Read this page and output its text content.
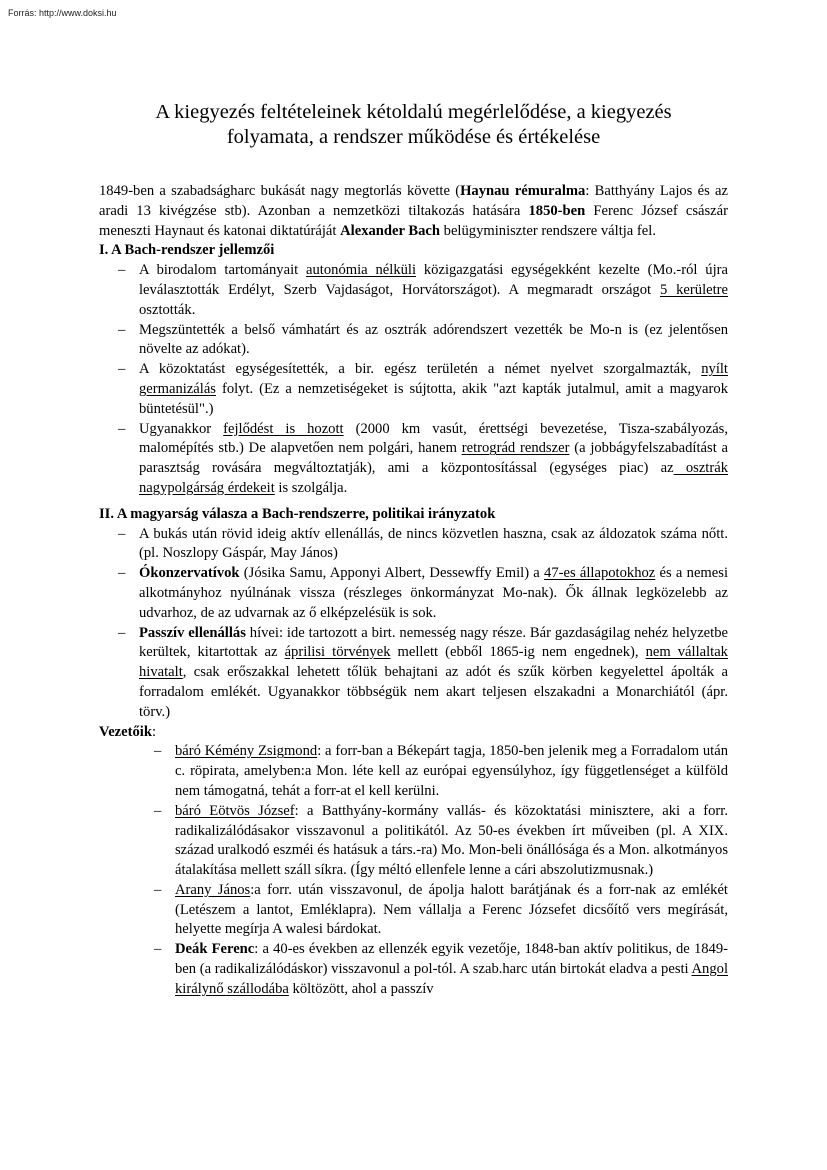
Forrás: http://www.doksi.hu
A kiegyezés feltételeinek kétoldalú megérlelődése, a kiegyezés
folyamata, a rendszer működése és értékelése

1849-ben a szabadságharc bukását nagy megtorlás követte (Haynau rémuralma: Batthyány Lajos és az aradi 13 kivégzése stb). Azonban a nemzetközi tiltakozás hatására 1850-ben Ferenc József császár meneszti Haynaut és katonai diktatúráját Alexander Bach belügyminiszter rendszere váltja fel.

I. A Bach-rendszer jellemzői

– A birodalom tartományait autonómia nélküli közigazgatási egységekként kezelte (Mo.-ról újra leválasztották Erdélyt, Szerb Vajdaságot, Horvátországot). A megmaradt országot 5 kerületre osztották.
– Megszüntették a belső vámhatárt és az osztrák adórendszert vezették be Mo-n is (ez jelentősen növelte az adókat).
– A közoktatást egységesítették, a bir. egész területén a német nyelvet szorgalmazták, nyílt germanizálás folyt. (Ez a nemzetiségeket is sújtotta, akik "azt kapták jutalmul, amit a magyarok büntetésül".)
– Ugyanakkor fejlődést is hozott (2000 km vasút, érettségi bevezetése, Tisza-szabályozás, malomépítés stb.) De alapvetően nem polgári, hanem retrográd rendszer (a jobbágyfelszabadítást a parasztság rovására megváltoztatják), ami a központosítással (egységes piac) az osztrák nagypolgárság érdekeit is szolgálja.

II. A magyarság válasza a Bach-rendszerre, politikai irányzatok

– A bukás után rövid ideig aktív ellenállás, de nincs közvetlen haszna, csak az áldozatok száma nőtt. (pl. Noszlopy Gáspár, May János)
– Ókonzervatívok (Jósika Samu, Apponyi Albert, Dessewffy Emil) a 47-es állapotokhoz és a nemesi alkotmányhoz nyúlnának vissza (részleges önkormányzat Mo-nak). Ők állnak legközelebb az udvarhoz, de az udvarnak az ő elképzelésük is sok.
– Passzív ellenállás hívei: ide tartozott a birt. nemesség nagy része. Bár gazdaságilag nehéz helyzetbe kerültek, kitartottak az áprilisi törvények mellett (ebből 1865-ig nem engednek), nem vállaltak hivatalt, csak erőszakkal lehetett tőlük behajtani az adót és szűk körben kegyelettel ápolták a forradalom emlékét. Ugyanakkor többségük nem akart teljesen elszakadni a Monarchiától (ápr. törv.)

Vezetőik:

– báró Kémény Zsigmond: a forr-ban a Békepárt tagja, 1850-ben jelenik meg a Forradalom után c. röpirata, amelyben:a Mon. léte kell az európai egyensúlyhoz, így függetlenséget a külföld nem támogatná, tehát a forr-at el kell kerülni.
– báró Eötvös József: a Batthyány-kormány vallás- és közoktatási minisztere, aki a forr. radikalizálódásakor visszavonul a politikától. Az 50-es években írt műveiben (pl. A XIX. század uralkodó eszméi és hatásuk a társ.-ra) Mo. Mon-beli önállósága és a Mon. alkotmányos átalakítása mellett száll síkra. (Így méltó ellenfele lenne a cári abszolutizmusnak.)
– Arany János:a forr. után visszavonul, de ápolja halott barátjának és a forr-nak az emlékét (Letészem a lantot, Emléklapra). Nem vállalja a Ferenc Józsefet dicsőítő vers megírását, helyette megírja A walesi bárdokat.
– Deák Ferenc: a 40-es években az ellenzék egyik vezetője, 1848-ban aktív politikus, de 1849-ben (a radikalizálódáskor) visszavonul a pol-tól. A szab.harc után birtokát eladva a pesti Angol királynő szállodába költözött, ahol a passzív
